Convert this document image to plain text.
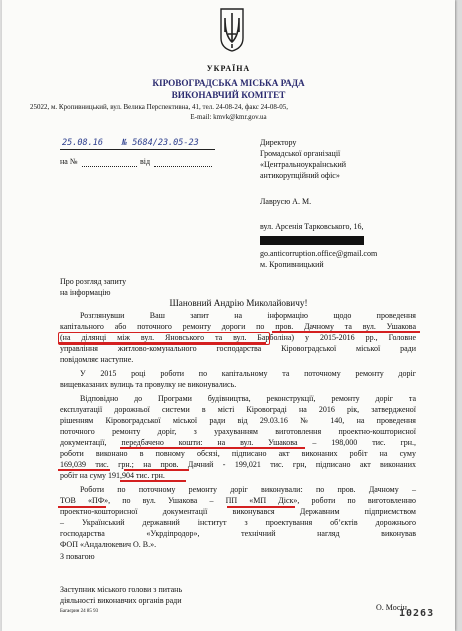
УКРАЇНА
КІРОВОГРАДСЬКА МІСЬКА РАДА
ВИКОНАВЧИЙ КОМІТЕТ
25022, м. Кропивницький, вул. Велика Перспективна, 41, тел. 24-08-24, факс 24-08-05,
E-mail: kmvk@kmr.gov.ua
25.08.16 № 5684/23.05-23
на №	від
Директору
Громадської організації
«Центральноукраїнський
антикорупційний офіс»
Лаврусю А. М.
вул. Арсенія Тарковського, 16,
go.anticorruption.office@gmail.com
м. Кропивницький
Про розгляд запиту
на інформацію
Шановний Андрію Миколайовичу!
Розглянувши Ваш запит на інформацію щодо проведення
капітального або поточного ремонту дороги по пров. Дачному та вул. Ушакова
(на ділянці між вул. Яновського та вул. Барболіна) у 2015-2016 рр., Головне
управління житлово-комунального господарства Кіровоградської міської ради
повідомляє наступне.
У 2015 році роботи по капітальному та поточному ремонту доріг
вищевказаних вулиць та провулку не виконувались.
Відповідно до Програми будівництва, реконструкції, ремонту доріг та
експлуатації дорожньої системи в місті Кіровограді на 2016 рік, затвердженої
рішенням Кіровоградської міської ради від 29.03.16 № 140, на проведення
поточного ремонту доріг, з урахуванням виготовлення проектно-кошторисної
документації, передбачено кошти: на вул. Ушакова – 198,000 тис. грн.,
роботи виконано в повному обсязі, підписано акт виконаних робіт на суму
169,039 тис. грн.; на пров. Дачний - 199,021 тис. грн, підписано акт виконаних
робіт на суму 191,904 тис. грн.
Роботи по поточному ремонту доріг виконували: по пров. Дачному –
ТОВ «ПФ», по вул. Ушакова – ПП «МП Діск», роботи по виготовленню
проектно-кошторисної документації виконувався Державним підприємством
– Український державний інститут з проектування об’єктів дорожнього
господарства «Укрдіпродор», технічний нагляд виконував
ФОП «Андалюкевич О. В.».
З повагою
Заступник міського голови з питань
діяльності виконавчих органів ради
Багаєрин 24 85 93	О. Мосін
10263
